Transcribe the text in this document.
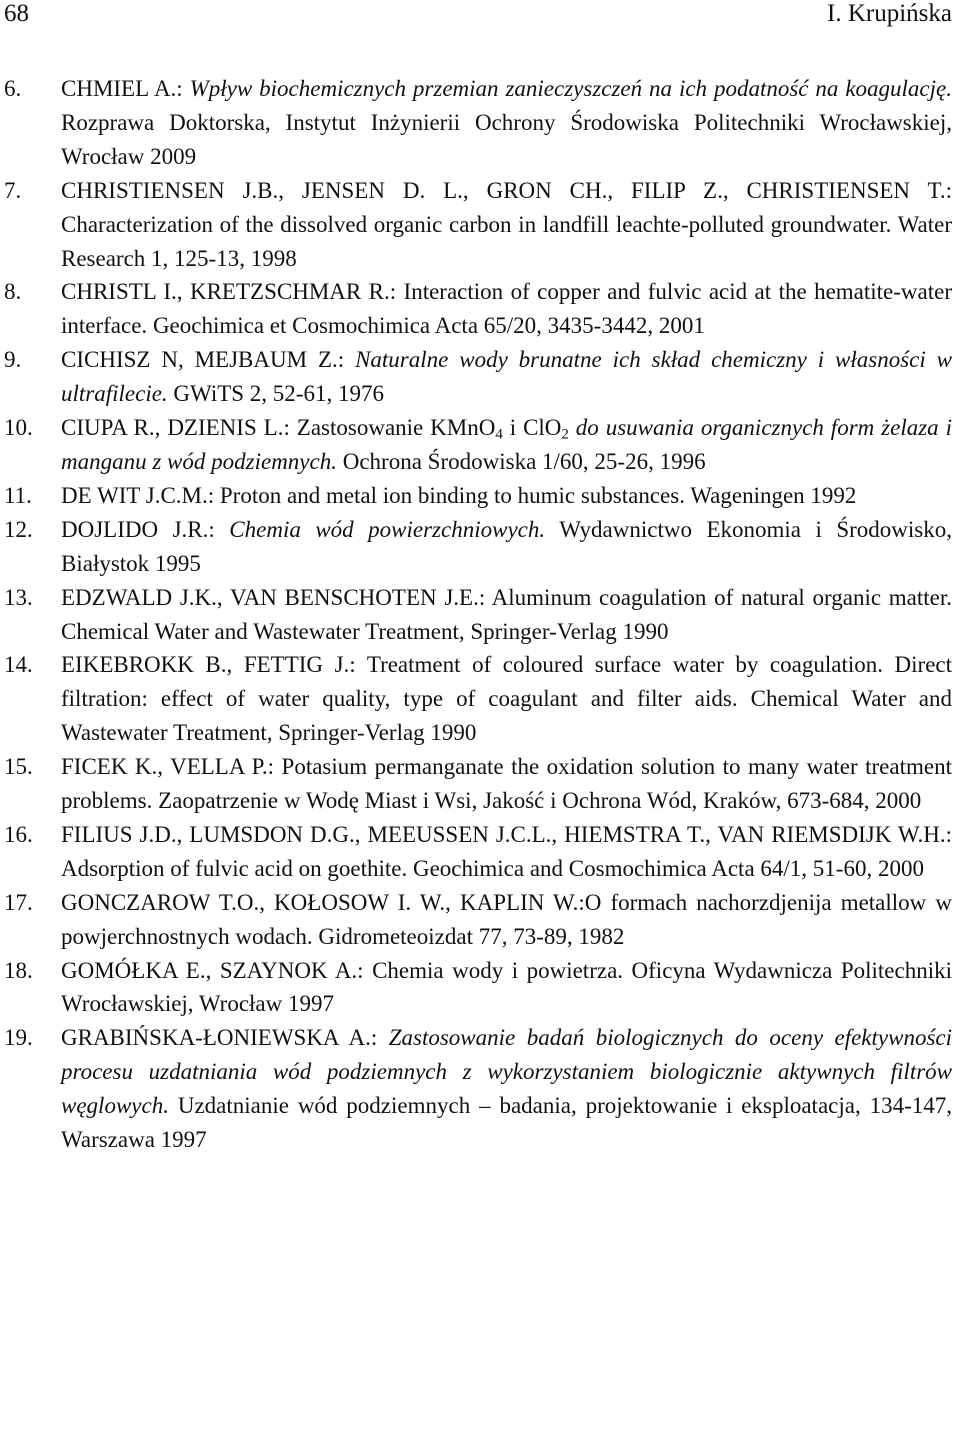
68	I. Krupińska
6.	CHMIEL A.: Wpływ biochemicznych przemian zanieczyszczeń na ich podatność na koagulację. Rozprawa Doktorska, Instytut Inżynierii Ochrony Środowiska Politechniki Wrocławskiej, Wrocław 2009
7.	CHRISTIENSEN J.B., JENSEN D. L., GRON CH., FILIP Z., CHRISTIENSEN T.: Characterization of the dissolved organic carbon in landfill leachte-polluted groundwater. Water Research 1, 125-13, 1998
8.	CHRISTL I., KRETZSCHMAR R.: Interaction of copper and fulvic acid at the hematite-water interface. Geochimica et Cosmochimica Acta 65/20, 3435-3442, 2001
9.	CICHISZ N, MEJBAUM Z.: Naturalne wody brunatne ich skład chemiczny i własności w ultrafilecie. GWiTS 2, 52-61, 1976
10.	CIUPA R., DZIENIS L.: Zastosowanie KMnO$_4$ i ClO$_2$ do usuwania organicznych form żelaza i manganu z wód podziemnych. Ochrona Środowiska 1/60, 25-26, 1996
11.	DE WIT J.C.M.: Proton and metal ion binding to humic substances. Wageningen 1992
12.	DOJLIDO J.R.: Chemia wód powierzchniowych. Wydawnictwo Ekonomia i Środowisko, Białystok 1995
13.	EDZWALD J.K., VAN BENSCHOTEN J.E.: Aluminum coagulation of natural organic matter. Chemical Water and Wastewater Treatment, Springer-Verlag 1990
14.	EIKEBROKK B., FETTIG J.: Treatment of coloured surface water by coagulation. Direct filtration: effect of water quality, type of coagulant and filter aids. Chemical Water and Wastewater Treatment, Springer-Verlag 1990
15.	FICEK K., VELLA P.: Potasium permanganate the oxidation solution to many water treatment problems. Zaopatrzenie w Wodę Miast i Wsi, Jakość i Ochrona Wód, Kraków, 673-684, 2000
16.	FILIUS J.D., LUMSDON D.G., MEEUSSEN J.C.L., HIEMSTRA T., VAN RIEMSDIJK W.H.: Adsorption of fulvic acid on goethite. Geochimica and Cosmochimica Acta 64/1, 51-60, 2000
17.	GONCZAROW T.O., KOŁOSOW I. W., KAPLIN W.:O formach nachorzdjenija metallow w powjerchnostnych wodach. Gidrometeoizdat 77, 73-89, 1982
18.	GOMÓŁKA E., SZAYNOK A.: Chemia wody i powietrza. Oficyna Wydawnicza Politechniki Wrocławskiej, Wrocław 1997
19.	GRABIŃSKA-ŁONIEWSKA A.: Zastosowanie badań biologicznych do oceny efektywności procesu uzdatniania wód podziemnych z wykorzystaniem biologicznie aktywnych filtrów węglowych. Uzdatnianie wód podziemnych – badania, projektowanie i eksploatacja, 134-147, Warszawa 1997
